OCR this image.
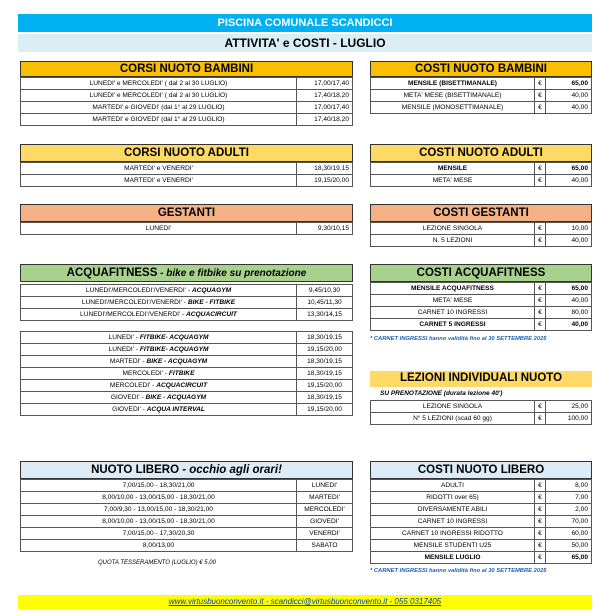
PISCINA COMUNALE SCANDICCI
ATTIVITA' e COSTI - LUGLIO
CORSI NUOTO BAMBINI
LUNEDI' e MERCOLEDI' ( dal 2 al 30 LUGLIO)	17,00/17,40
LUNEDI' e MERCOLEDI' ( dal 2 al 30 LUGLIO)	17,40/18,20
MARTEDI' e GIOVEDI' (dal 1° al 29 LUGLIO)	17,00/17,40
MARTEDI' e GIOVEDI' (dal 1° al 29 LUGLIO)	17,40/18,20
COSTI NUOTO BAMBINI
MENSILE (BISETTIMANALE)	€	65,00
META' MESE (BISETTIMANALE)	€	40,00
MENSILE (MONOSETTIMANALE)	€	40,00
CORSI NUOTO ADULTI
MARTEDI' e VENERDI'	18,30/19,15
MARTEDI' e VENERDI'	19,15/20,00
COSTI NUOTO ADULTI
MENSILE	€	65,00
META' MESE	€	40,00
GESTANTI
LUNEDI'	9,30/10,15
COSTI GESTANTI
LEZIONE SINGOLA	€	10,00
N. 5 LEZIONI	€	40,00
ACQUAFITNESS - bike e fitbike su prenotazione
LUNEDI'/MERCOLEDI'/VENERDI' - ACQUAGYM	9,45/10,30
LUNEDI'/MERCOLEDI'/VENERDI' - BIKE - FITBIKE	10,45/11,30
LUNEDI'/MERCOLEDI'/VENERDI' - ACQUACIRCUIT	13,30/14,15
LUNEDI' - FITBIKE- ACQUAGYM	18,30/19,15
LUNEDI' - FITBIKE- ACQUAGYM	19,15/20,00
MARTEDI' - BIKE - ACQUAGYM	18,30/19,15
MERCOLEDI' - FITBIKE	18,30/19,15
MERCOLEDI' - ACQUACIRCUIT	19,15/20,00
GIOVEDI' - BIKE - ACQUAGYM	18,30/19,15
GIOVEDI' - ACQUA INTERVAL	19,15/20,00
COSTI ACQUAFITNESS
MENSILE ACQUAFITNESS	€	65,00
META' MESE	€	40,00
CARNET 10 INGRESSI	€	80,00
CARNET 5 INGRESSI	€	40,00
* CARNET INGRESSI hanno validità fino al 30 SETTEMBRE 2025
LEZIONI INDIVIDUALI NUOTO
SU PRENOTAZIONE (durata lezione 40')
LEZIONE SINGOLA	€	25,00
N° 5 LEZIONI (scad 60 gg)	€	100,00
NUOTO LIBERO - occhio agli orari!
7,00/15,00 - 18,30/21,00	LUNEDI'
8,00/10,00 - 13,00/15,00 - 18,30/21,00	MARTEDI'
7,00/9,30 - 13,00/15,00 - 18,30/21,00	MERCOLEDI'
8,00/10,00 - 13,00/15,00 - 18,30/21,00	GIOVEDI'
7,00/15,00 - 17,30/20,30	VENERDI'
8,00/13,00	SABATO
QUOTA TESSERAMENTO (LUGLIO) € 5,00
COSTI NUOTO LIBERO
ADULTI	€	8,00
RIDOTTI over 65)	€	7,00
DIVERSAMENTE ABILI	€	2,00
CARNET 10 INGRESSI	€	70,00
CARNET 10 INGRESSI RIDOTTO	€	60,00
MENSILE STUDENTI U25	€	50,00
MENSILE LUGLIO	€	65,00
* CARNET INGRESSI hanno validità fino al 30 SETTEMBRE 2025
www.virtusbuonconvento.it - scandicci@virtusbuonconvento.it - 055 0317405
